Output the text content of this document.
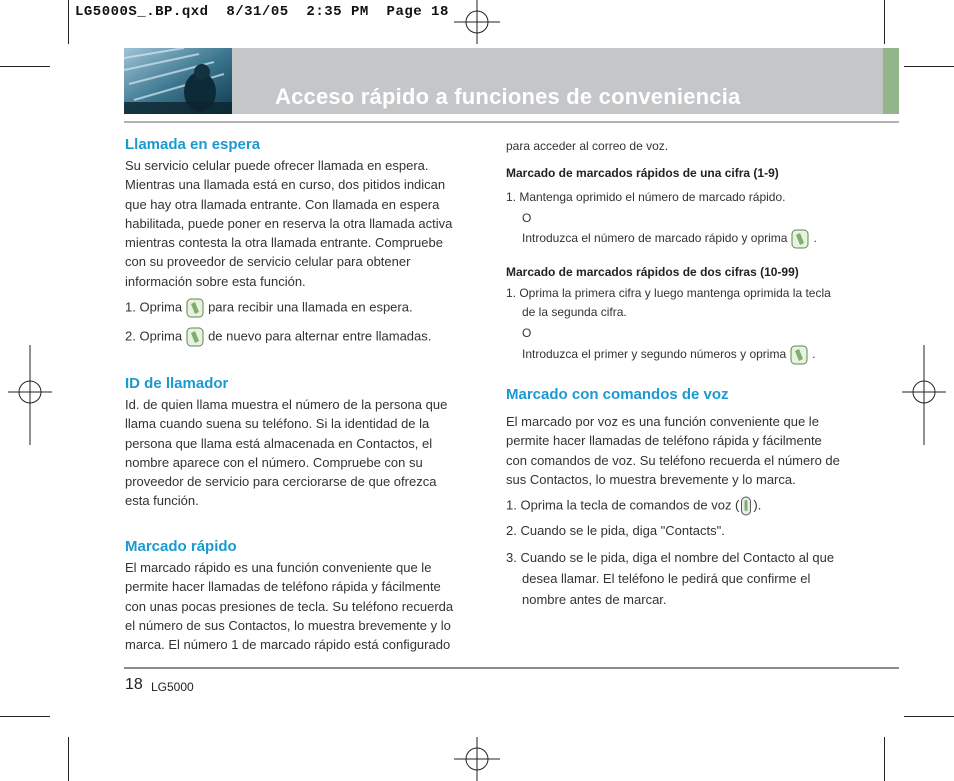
LG5000S_.BP.qxd  8/31/05  2:35 PM  Page 18
Acceso rápido a funciones de conveniencia
Llamada en espera
Su servicio celular puede ofrecer llamada en espera.
Mientras una llamada está en curso, dos pitidos indican
que hay otra llamada entrante. Con llamada en espera
habilitada, puede poner en reserva la otra llamada activa
mientras contesta la otra llamada entrante. Compruebe
con su proveedor de servicio celular para obtener
información sobre esta función.
1. Oprima para recibir una llamada en espera.
2. Oprima de nuevo para alternar entre llamadas.
ID de llamador
Id. de quien llama muestra el número de la persona que
llama cuando suena su teléfono. Si la identidad de la
persona que llama está almacenada en Contactos, el
nombre aparece con el número. Compruebe con su
proveedor de servicio para cerciorarse de que ofrezca
esta función.
Marcado rápido
El marcado rápido es una función conveniente que le
permite hacer llamadas de teléfono rápida y fácilmente
con unas pocas presiones de tecla. Su teléfono recuerda
el número de sus Contactos, lo muestra brevemente y lo
marca. El número 1 de marcado rápido está configurado
para acceder al correo de voz.
Marcado de marcados rápidos de una cifra (1-9)
1. Mantenga oprimido el número de marcado rápido.
O
Introduzca el número de marcado rápido y oprima .
Marcado de marcados rápidos de dos cifras (10-99)
1. Oprima la primera cifra y luego mantenga oprimida la tecla
de la segunda cifra.
O
Introduzca el primer y segundo números y oprima .
Marcado con comandos de voz
El marcado por voz es una función conveniente que le
permite hacer llamadas de teléfono rápida y fácilmente
con comandos de voz. Su teléfono recuerda el número de
sus Contactos, lo muestra brevemente y lo marca.
1. Oprima la tecla de comandos de voz ( ).
2. Cuando se le pida, diga "Contacts".
3. Cuando se le pida, diga el nombre del Contacto al que
desea llamar. El teléfono le pedirá que confirme el
nombre antes de marcar.
18 LG5000
